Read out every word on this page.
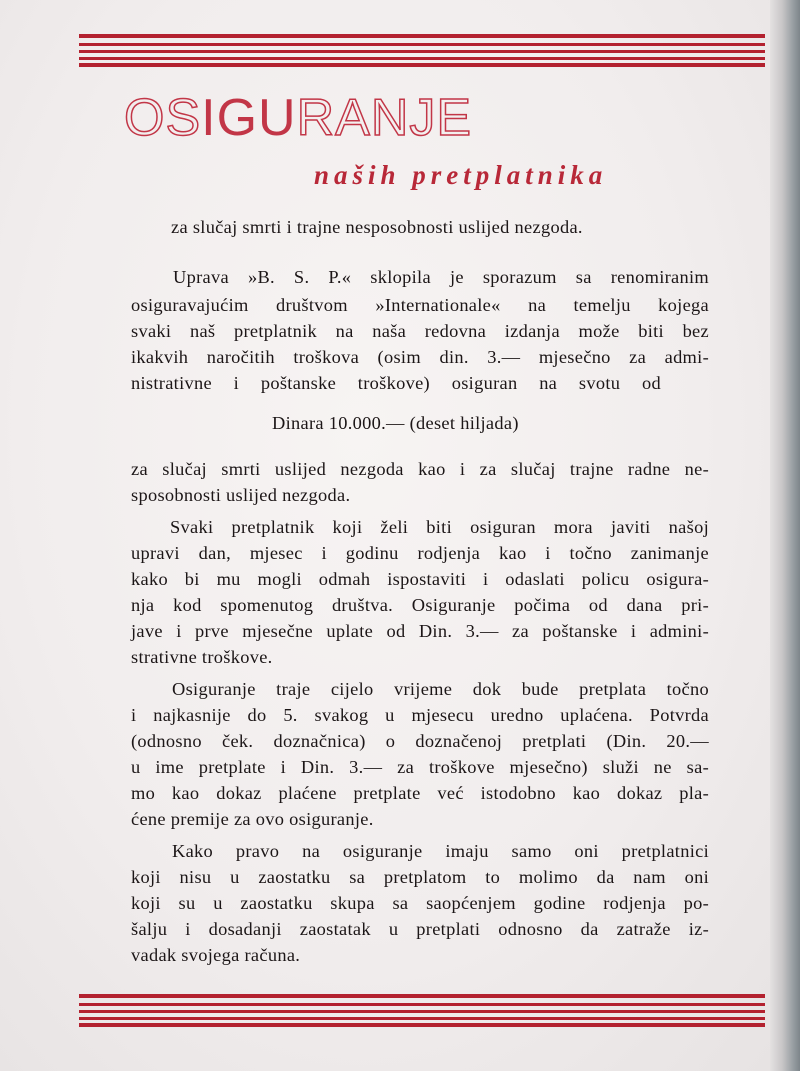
OSIGURANJE
naših pretplatnika
za slučaj smrti i trajne nesposobnosti uslijed nezgoda.
Uprava »B. S. P.« sklopila je sporazum sa renomiranim
osiguravajućim društvom »Internationale« na temelju kojega
svaki naš pretplatnik na naša redovna izdanja može biti bez
ikakvih naročitih troškova (osim din. 3.— mjesečno za admi-
nistrativne i poštanske troškove) osiguran na svotu od
Dinara 10.000.— (deset hiljada)
za slučaj smrti uslijed nezgoda kao i za slučaj trajne radne ne-
sposobnosti uslijed nezgoda.
Svaki pretplatnik koji želi biti osiguran mora javiti našoj
upravi dan, mjesec i godinu rodjenja kao i točno zanimanje
kako bi mu mogli odmah ispostaviti i odaslati policu osigura-
nja kod spomenutog društva. Osiguranje počima od dana pri-
jave i prve mjesečne uplate od Din. 3.— za poštanske i admini-
strativne troškove.
Osiguranje traje cijelo vrijeme dok bude pretplata točno
i najkasnije do 5. svakog u mjesecu uredno uplaćena. Potvrda
(odnosno ček. doznačnica) o doznačenoj pretplati (Din. 20.—
u ime pretplate i Din. 3.— za troškove mjesečno) služi ne sa-
mo kao dokaz plaćene pretplate već istodobno kao dokaz pla-
ćene premije za ovo osiguranje.
Kako pravo na osiguranje imaju samo oni pretplatnici
koji nisu u zaostatku sa pretplatom to molimo da nam oni
koji su u zaostatku skupa sa saopćenjem godine rodjenja po-
šalju i dosadanji zaostatak u pretplati odnosno da zatraže iz-
vadak svojega računa.
